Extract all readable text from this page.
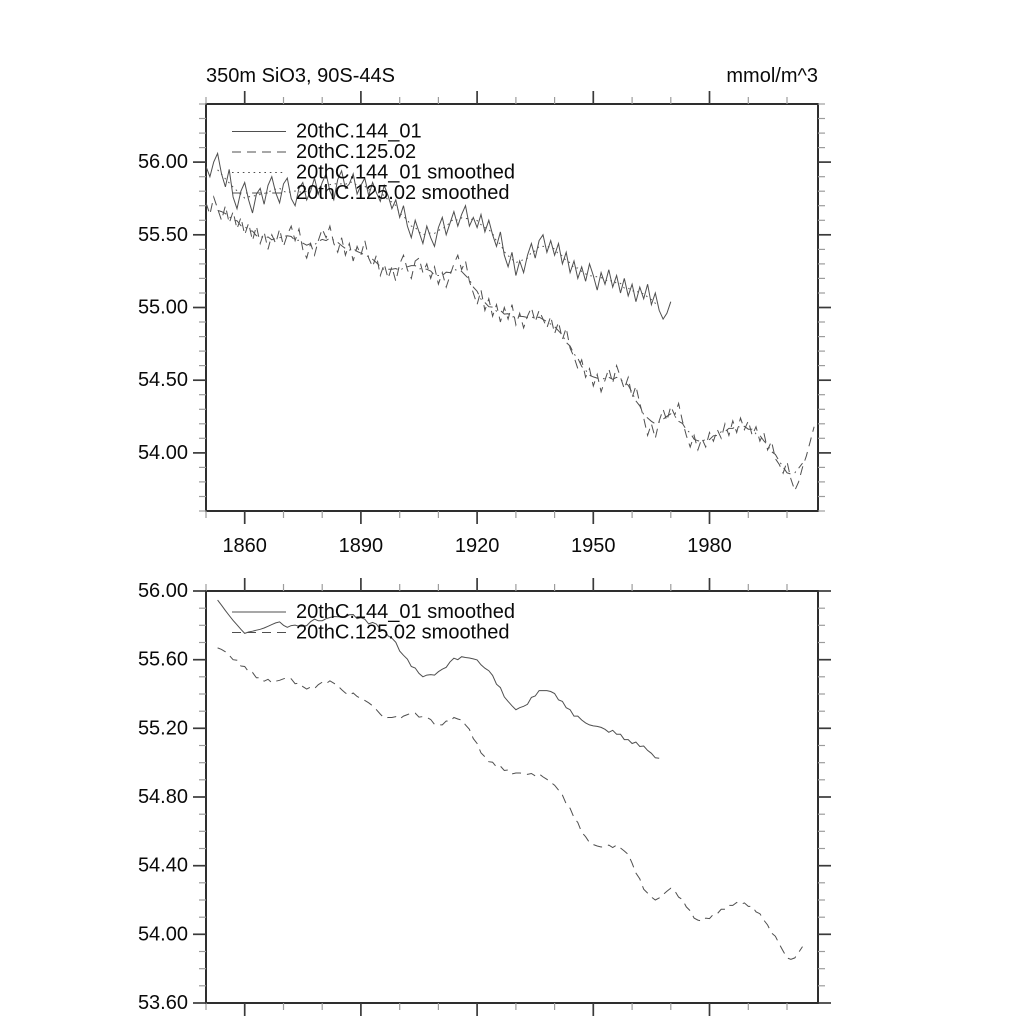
350m SiO3, 90S-44S	mmol/m^3
1860	1890	1920	1950	1980
54.00
54.50
55.00
55.50
56.00
20thC.144_01
20thC.125.02
20thC.144_01 smoothed
20thC.125.02 smoothed
53.60
54.00
54.40
54.80
55.20
55.60
56.00
20thC.144_01 smoothed
20thC.125.02 smoothed
